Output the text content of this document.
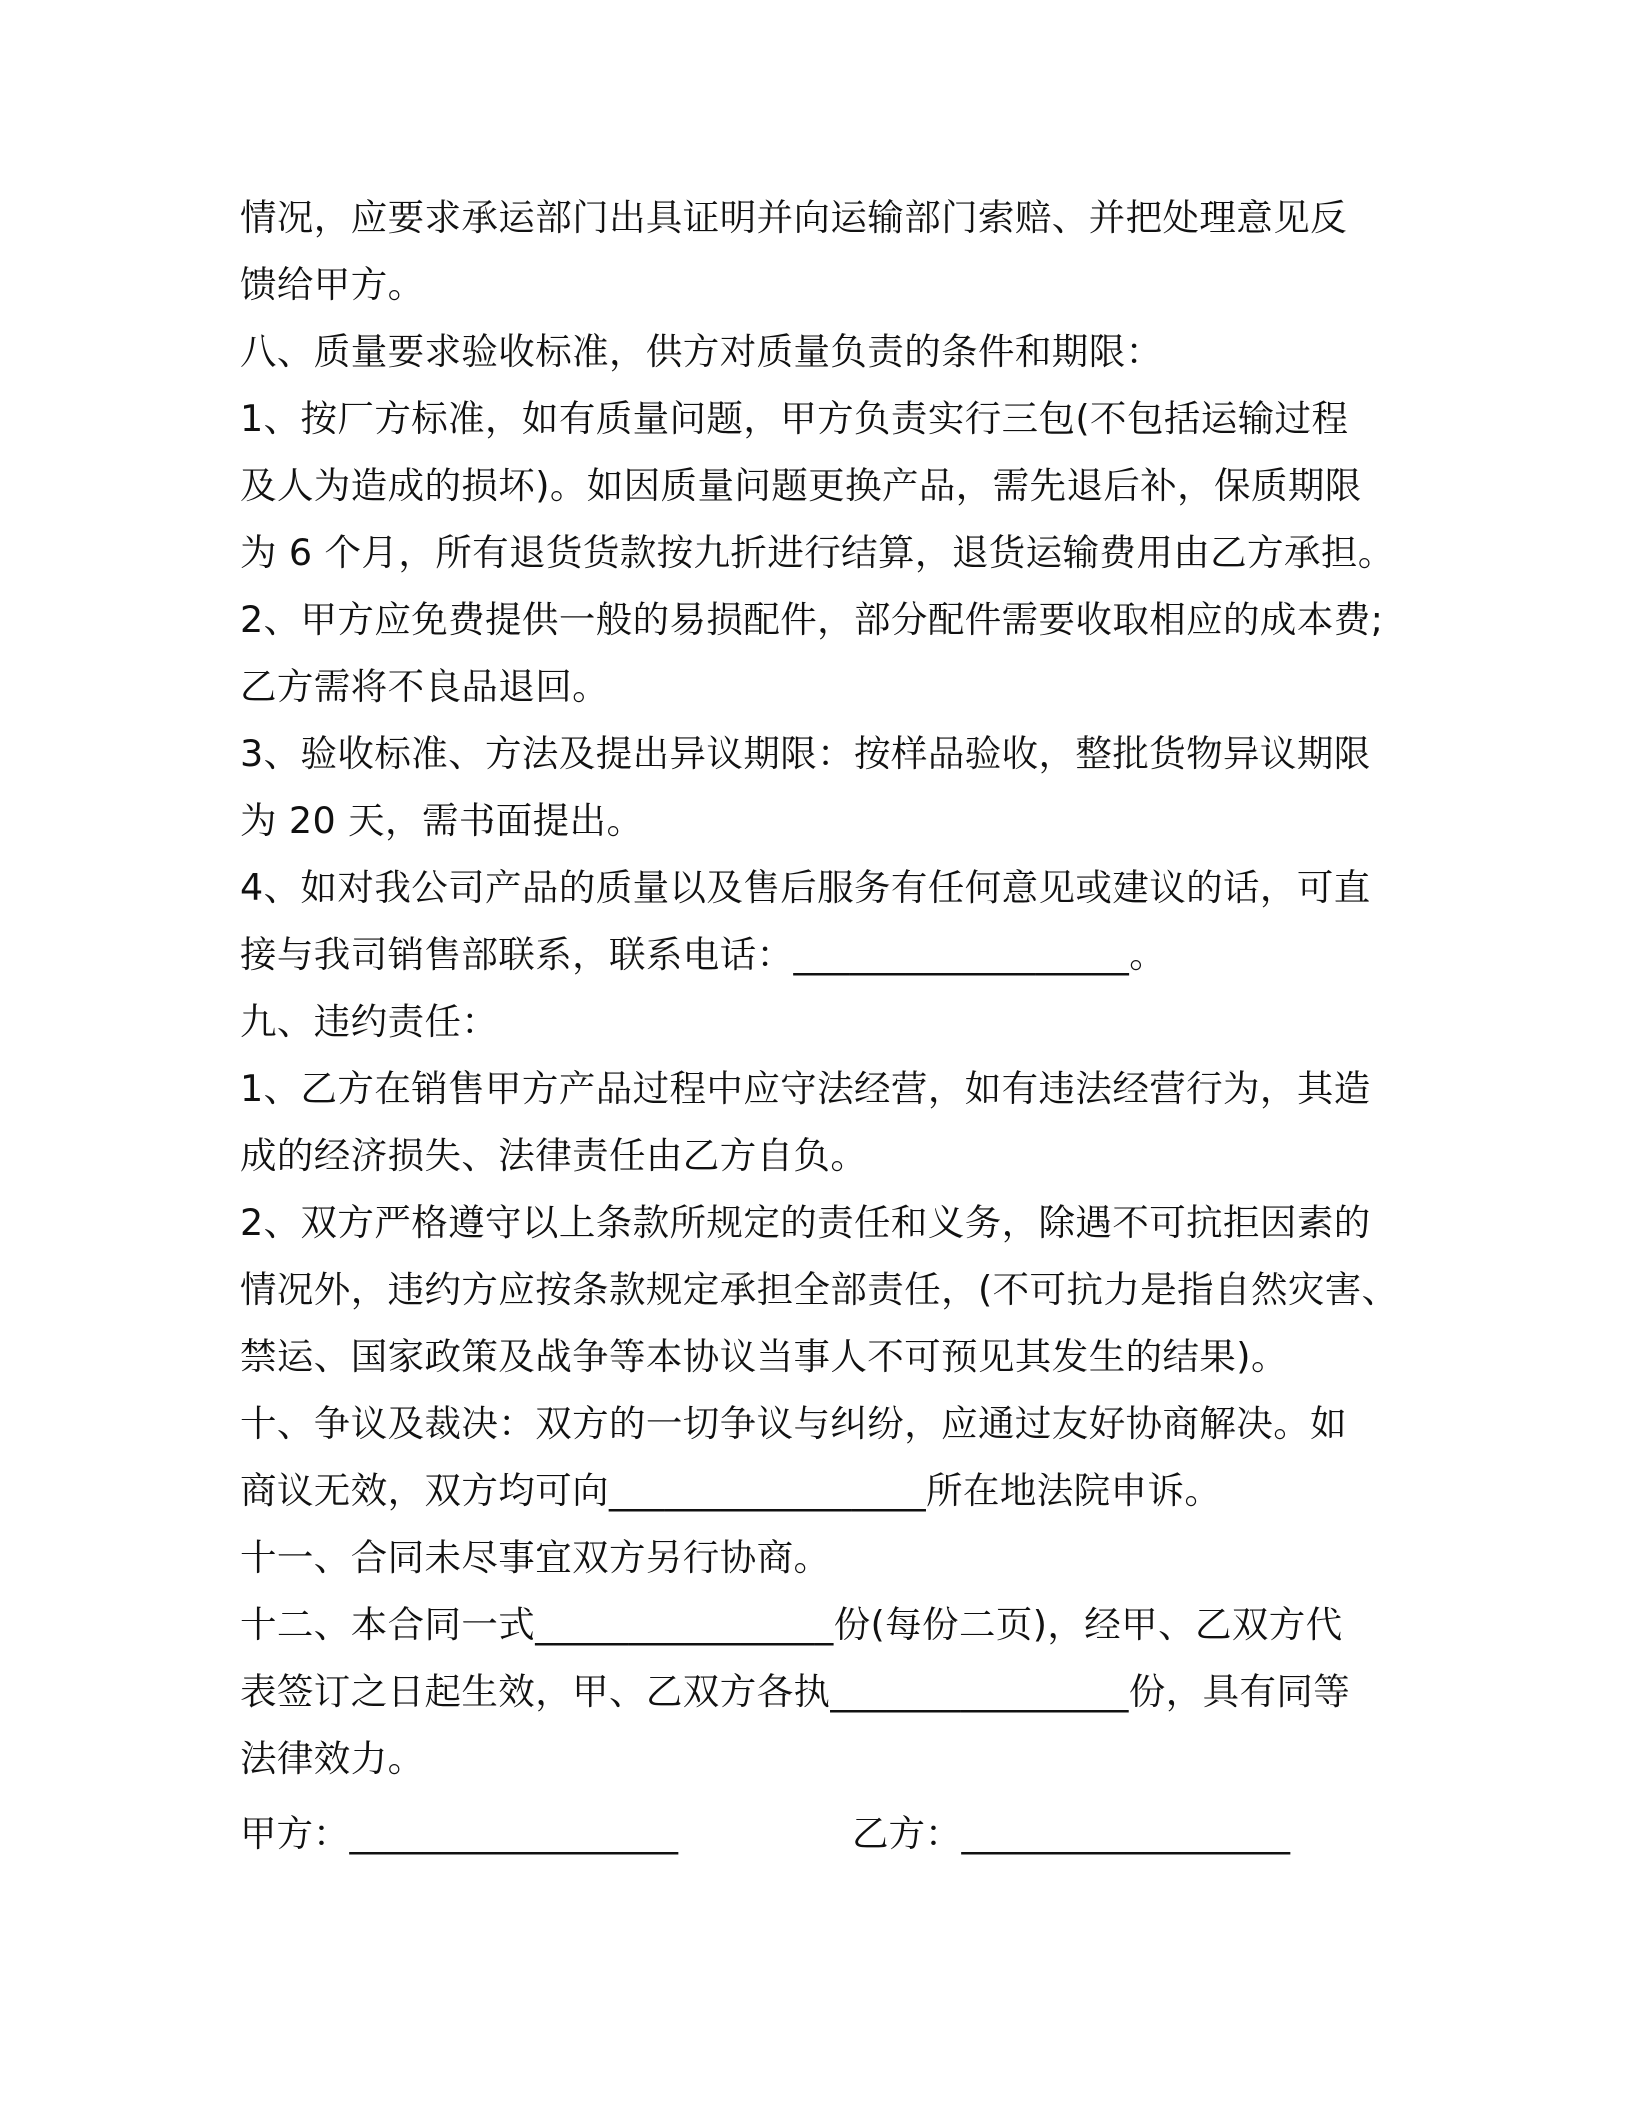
情况，应要求承运部门出具证明并向运输部门索赔、并把处理意见反
馈给甲方。
八、质量要求验收标准，供方对质量负责的条件和期限：
1、按厂方标准，如有质量问题，甲方负责实行三包(不包括运输过程
及人为造成的损坏)。如因质量问题更换产品，需先退后补，保质期限
为 6 个月，所有退货货款按九折进行结算，退货运输费用由乙方承担。
2、甲方应免费提供一般的易损配件，部分配件需要收取相应的成本费;
乙方需将不良品退回。
3、验收标准、方法及提出异议期限：按样品验收，整批货物异议期限
为 20 天，需书面提出。
4、如对我公司产品的质量以及售后服务有任何意见或建议的话，可直
接与我司销售部联系，联系电话：__________________。
九、违约责任：
1、乙方在销售甲方产品过程中应守法经营，如有违法经营行为，其造
成的经济损失、法律责任由乙方自负。
2、双方严格遵守以上条款所规定的责任和义务，除遇不可抗拒因素的
情况外，违约方应按条款规定承担全部责任，(不可抗力是指自然灾害、
禁运、国家政策及战争等本协议当事人不可预见其发生的结果)。
十、争议及裁决：双方的一切争议与纠纷，应通过友好协商解决。如
商议无效，双方均可向_________________所在地法院申诉。
十一、合同未尽事宜双方另行协商。
十二、本合同一式________________份(每份二页)，经甲、乙双方代
表签订之日起生效，甲、乙双方各执________________份，具有同等
法律效力。
甲方：__________________	乙方：__________________
